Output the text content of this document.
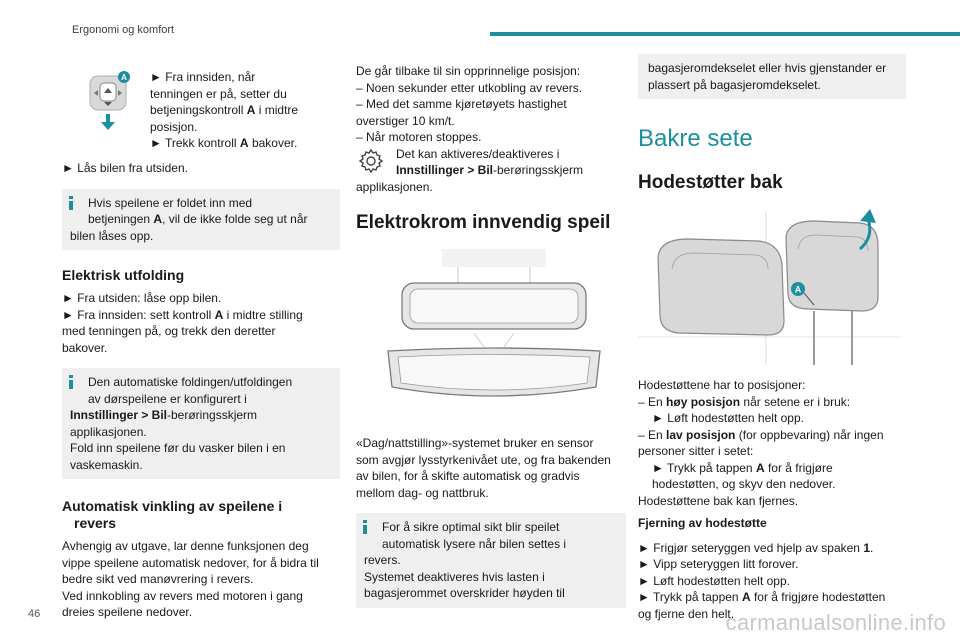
Ergonomi og komfort
A ► Fra innsiden, når

tenningen er på, setter du

betjeningskontroll A i midtre

posisjon.

► Trekk kontroll A bakover.

► Lås bilen fra utsiden.

Hvis speilene er foldet inn med

betjeningen A, vil de ikke folde seg ut når

bilen låses opp.

Elektrisk utfolding

► Fra utsiden: låse opp bilen.

► Fra innsiden: sett kontroll A i midtre stilling

med tenningen på, og trekk den deretter

bakover.

Den automatiske foldingen/utfoldingen

av dørspeilene er konfigurert i

Innstillinger > Bil-berøringsskjerm

applikasjonen.

Fold inn speilene før du vasker bilen i en

vaskemaskin.

Automatisk vinkling av speilene i
revers

Avhengig av utgave, lar denne funksjonen deg

vippe speilene automatisk nedover, for å bidra til

bedre sikt ved manøvrering i revers.

Ved innkobling av revers med motoren i gang

dreies speilene nedover.

De går tilbake til sin opprinnelige posisjon:

– Noen sekunder etter utkobling av revers.

– Med det samme kjøretøyets hastighet

overstiger 10 km/t.

– Når motoren stoppes.

Det kan aktiveres/deaktiveres i

Innstillinger > Bil-berøringsskjerm

applikasjonen.

Elektrokrom innvendig speil

«Dag/nattstilling»-systemet bruker en sensor

som avgjør lysstyrkenivået ute, og fra bakenden

av bilen, for å skifte automatisk og gradvis

mellom dag- og nattbruk.

For å sikre optimal sikt blir speilet

automatisk lysere når bilen settes i

revers.

Systemet deaktiveres hvis lasten i

bagasjerommet overskrider høyden til

bagasjeromdekselet eller hvis gjenstander er

plassert på bagasjeromdekselet.

Bakre sete
Hodestøtter bak
A

Hodestøttene har to posisjoner:

– En høy posisjon når setene er i bruk:

► Løft hodestøtten helt opp.

– En lav posisjon (for oppbevaring) når ingen

personer sitter i setet:

► Trykk på tappen A for å frigjøre

hodestøtten, og skyv den nedover.

Hodestøttene bak kan fjernes.

Fjerning av hodestøtte

► Frigjør seteryggen ved hjelp av spaken 1.

► Vipp seteryggen litt forover.

► Løft hodestøtten helt opp.

► Trykk på tappen A for å frigjøre hodestøtten

og fjerne den helt.

46	carmanualsonline.info
